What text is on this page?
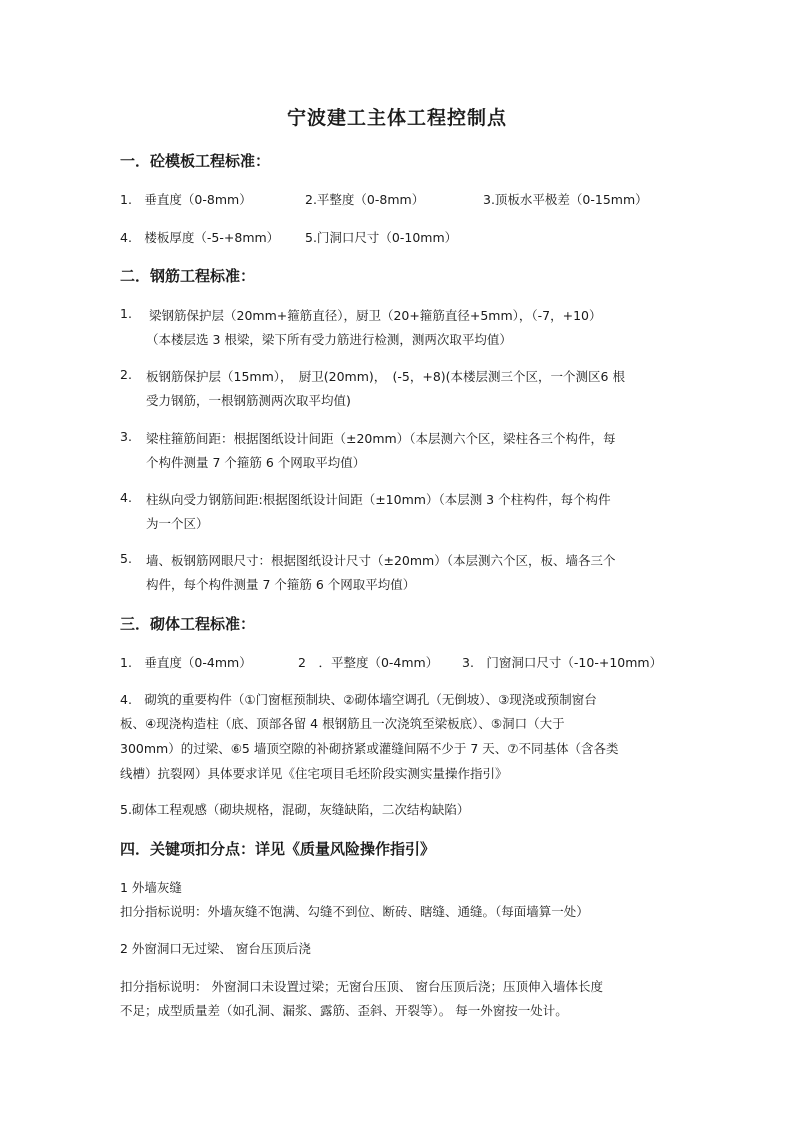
宁波建工主体工程控制点
一．砼模板工程标准：
1.　垂直度（0-8mm）	2.平整度（0-8mm）	3.顶板水平极差（0-15mm）
4.　楼板厚度（-5-+8mm） 5.门洞口尺寸（0-10mm）
二．钢筋工程标准：
1. 梁钢筋保护层（20mm+箍筋直径），厨卫（20+箍筋直径+5mm），（-7，+10）
（本楼层选 3 根梁，梁下所有受力筋进行检测，测两次取平均值）
2. 板钢筋保护层（15mm），　厨卫(20mm)，　(-5，+8)(本楼层测三个区，一个测区6 根
受力钢筋，一根钢筋测两次取平均值)
3. 梁柱箍筋间距：根据图纸设计间距（±20mm）（本层测六个区，梁柱各三个构件，每
个构件测量 7 个箍筋 6 个网取平均值）
4. 柱纵向受力钢筋间距:根据图纸设计间距（±10mm）（本层测 3 个柱构件，每个构件
为一个区）
5. 墙、板钢筋网眼尺寸：根据图纸设计尺寸（±20mm）（本层测六个区，板、墙各三个
构件，每个构件测量 7 个箍筋 6 个网取平均值）
三．砌体工程标准：
1.　垂直度（0-4mm）	2　．平整度（0-4mm） 3.　门窗洞口尺寸（-10-+10mm）
4.　砌筑的重要构件（①门窗框预制块、②砌体墙空调孔（无倒坡）、③现浇或预制窗台
板、④现浇构造柱（底、顶部各留 4 根钢筋且一次浇筑至梁板底）、⑤洞口（大于
300mm）的过梁、⑥5 墙顶空隙的补砌挤紧或灌缝间隔不少于 7 天、⑦不同基体（含各类
线槽）抗裂网）具体要求详见《住宅项目毛坯阶段实测实量操作指引》
5.砌体工程观感（砌块规格，混砌，灰缝缺陷，二次结构缺陷）
四．关键项扣分点：详见《质量风险操作指引》
1 外墙灰缝
扣分指标说明：外墙灰缝不饱满、勾缝不到位、断砖、瞎缝、通缝。（每面墙算一处）
2 外窗洞口无过梁、 窗台压顶后浇
扣分指标说明： 外窗洞口未设置过梁；无窗台压顶、 窗台压顶后浇；压顶伸入墙体长度
不足；成型质量差（如孔洞、漏浆、露筋、歪斜、开裂等）。 每一外窗按一处计。
